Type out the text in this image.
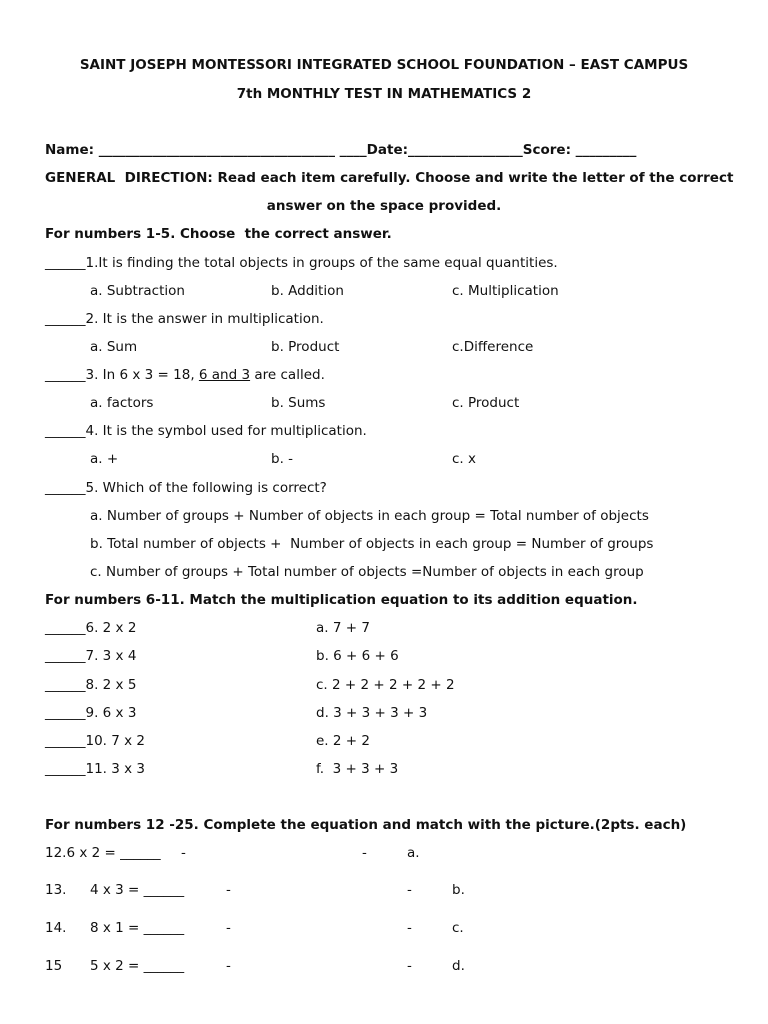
SAINT JOSEPH MONTESSORI INTEGRATED SCHOOL FOUNDATION – EAST CAMPUS
7th MONTHLY TEST IN MATHEMATICS 2
Name: ___________________________________ ____Date:_________________Score: _________
GENERAL  DIRECTION: Read each item carefully. Choose and write the letter of the correct
answer on the space provided.
For numbers 1-5. Choose  the correct answer.
______1.It is finding the total objects in groups of the same equal quantities.
a. Subtraction	b. Addition	c. Multiplication
______2. It is the answer in multiplication.
a. Sum	b. Product	c.Difference
______3. In 6 x 3 = 18, 6 and 3 are called.
a. factors	b. Sums	c. Product
______4. It is the symbol used for multiplication.
a. +	b. -	c. x
______5. Which of the following is correct?
a. Number of groups + Number of objects in each group = Total number of objects
b. Total number of objects +  Number of objects in each group = Number of groups
c. Number of groups + Total number of objects =Number of objects in each group
For numbers 6-11. Match the multiplication equation to its addition equation.
______6. 2 x 2	a. 7 + 7
______7. 3 x 4	b. 6 + 6 + 6
______8. 2 x 5	c. 2 + 2 + 2 + 2 + 2
______9. 6 x 3	d. 3 + 3 + 3 + 3
______10. 7 x 2	e. 2 + 2
______11. 3 x 3	f.  3 + 3 + 3
For numbers 12 -25. Complete the equation and match with the picture.(2pts. each)
12.6 x 2 = ______ -	-	a.
13. 4 x 3 = ______	-	-	b.
14. 8 x 1 = ______	-	-	c.
15 5 x 2 = ______	-	-	d.
